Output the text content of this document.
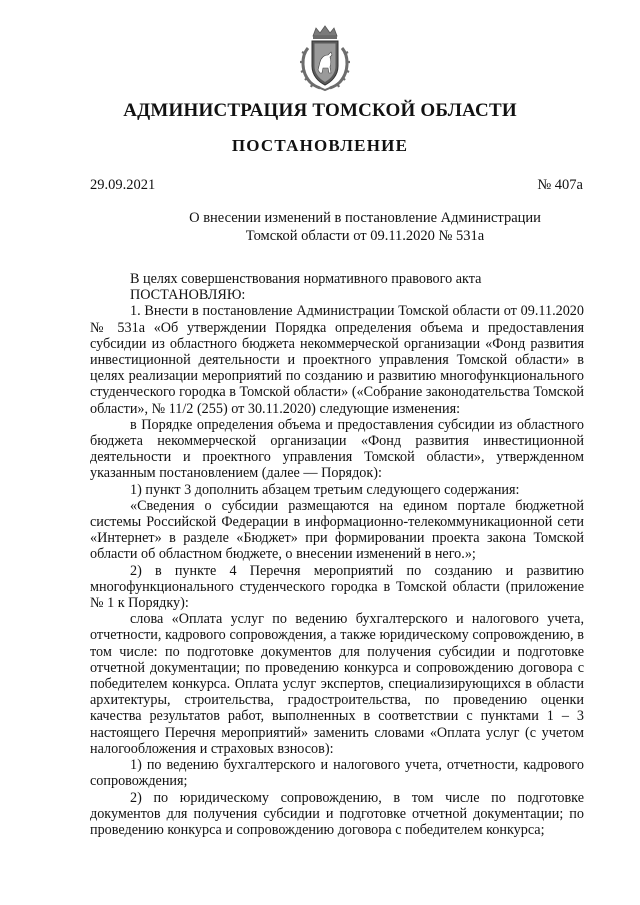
АДМИНИСТРАЦИЯ ТОМСКОЙ ОБЛАСТИ
ПОСТАНОВЛЕНИЕ
29.09.2021	№ 407а
О внесении изменений в постановление Администрации
Томской области от 09.11.2020 № 531а

В целях совершенствования нормативного правового акта

ПОСТАНОВЛЯЮ:

1. Внести в постановление Администрации Томской области от 09.11.2020 № 531а «Об утверждении Порядка определения объема и предоставления субсидии из областного бюджета некоммерческой организации «Фонд развития инвестиционной деятельности и проектного управления Томской области» в целях реализации мероприятий по созданию и развитию многофункционального студенческого городка в Томской области» («Собрание законодательства Томской области», № 11/2 (255) от 30.11.2020) следующие изменения:

в Порядке определения объема и предоставления субсидии из областного бюджета некоммерческой организации «Фонд развития инвестиционной деятельности и проектного управления Томской области», утвержденном указанным постановлением (далее — Порядок):

1) пункт 3 дополнить абзацем третьим следующего содержания:

«Сведения о субсидии размещаются на едином портале бюджетной системы Российской Федерации в информационно-телекоммуникационной сети «Интернет» в разделе «Бюджет» при формировании проекта закона Томской области об областном бюджете, о внесении изменений в него.»;

2) в пункте 4 Перечня мероприятий по созданию и развитию многофункционального студенческого городка в Томской области (приложение № 1 к Порядку):

слова «Оплата услуг по ведению бухгалтерского и налогового учета, отчетности, кадрового сопровождения, а также юридическому сопровождению, в том числе: по подготовке документов для получения субсидии и подготовке отчетной документации; по проведению конкурса и сопровождению договора с победителем конкурса. Оплата услуг экспертов, специализирующихся в области архитектуры, строительства, градостроительства, по проведению оценки качества результатов работ, выполненных в соответствии с пунктами 1 – 3 настоящего Перечня мероприятий» заменить словами «Оплата услуг (с учетом налогообложения и страховых взносов):

1) по ведению бухгалтерского и налогового учета, отчетности, кадрового сопровождения;

2) по юридическому сопровождению, в том числе по подготовке документов для получения субсидии и подготовке отчетной документации; по проведению конкурса и сопровождению договора с победителем конкурса;
